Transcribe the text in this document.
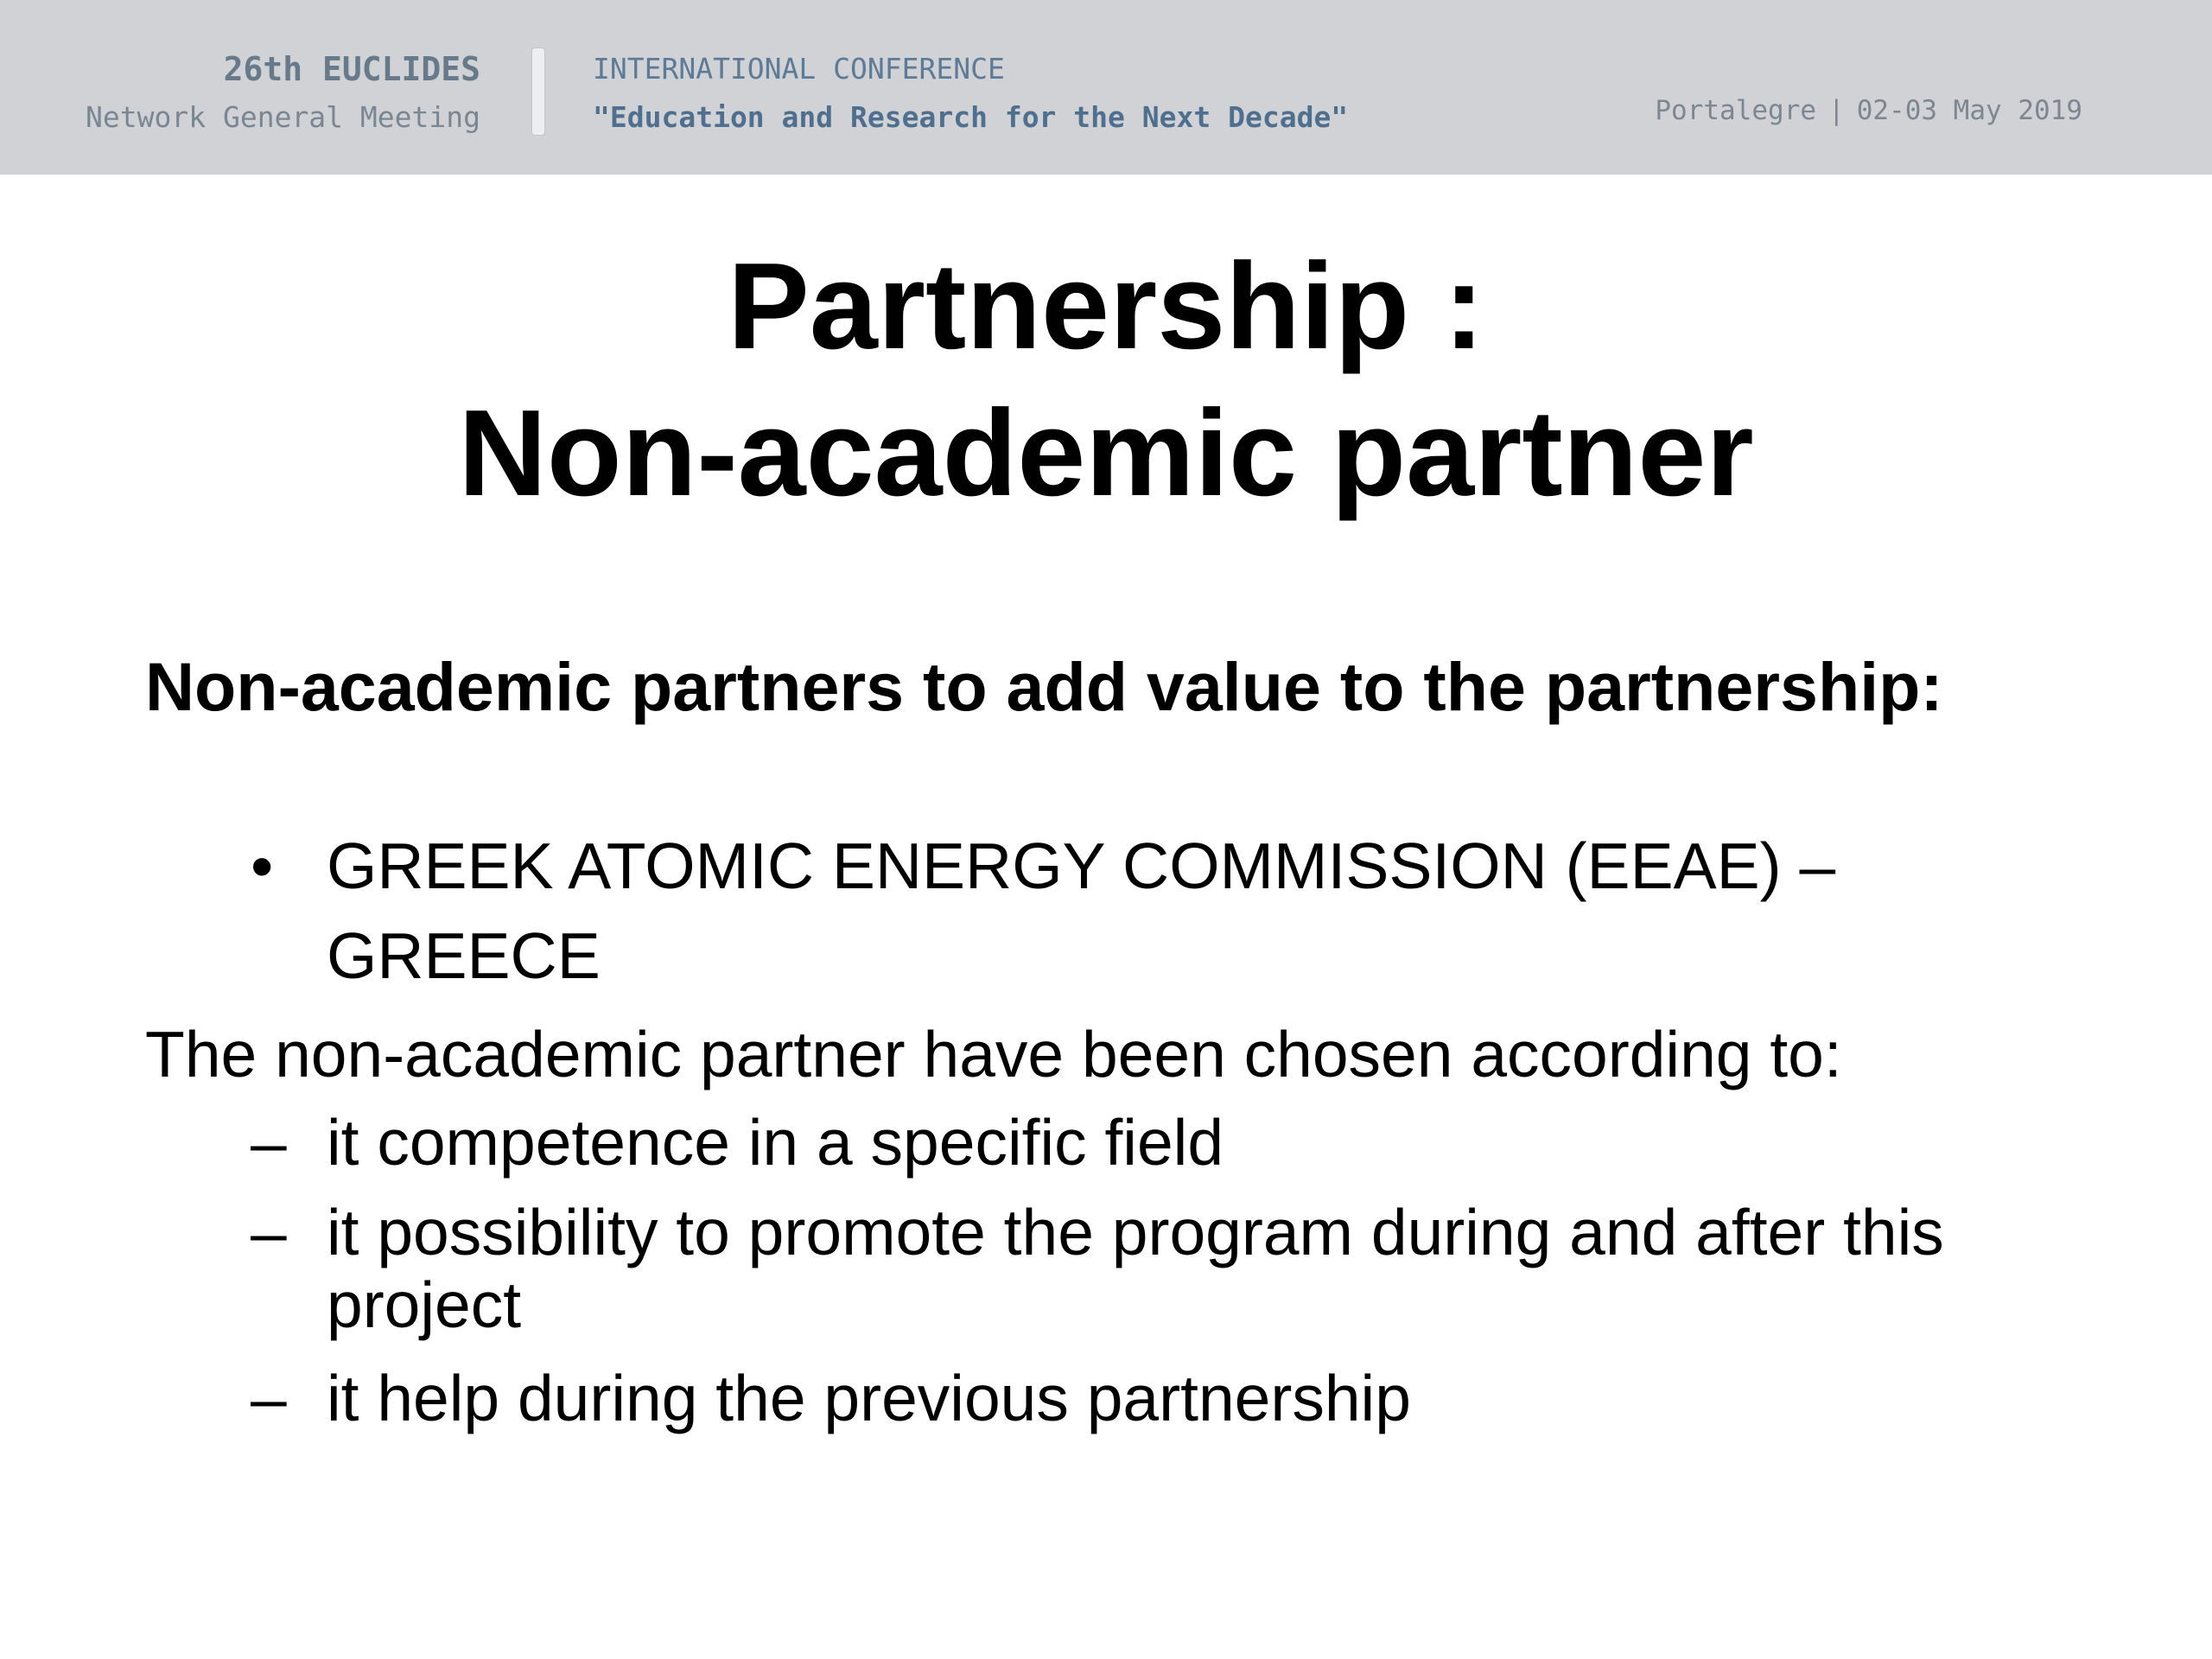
26th EUCLIDES
Network General Meeting
INTERNATIONAL CONFERENCE
"Education and Research for the Next Decade"	Portalegre | 02-03 May 2019
Partnership :
Non-academic partner
Non-academic partners to add value to the partnership:
• GREEK ATOMIC ENERGY COMMISSION (EEAE) – GREECE
The non-academic partner have been chosen according to:
– it competence in a specific field
– it possibility to promote the program during and after this project
– it help during the previous partnership
